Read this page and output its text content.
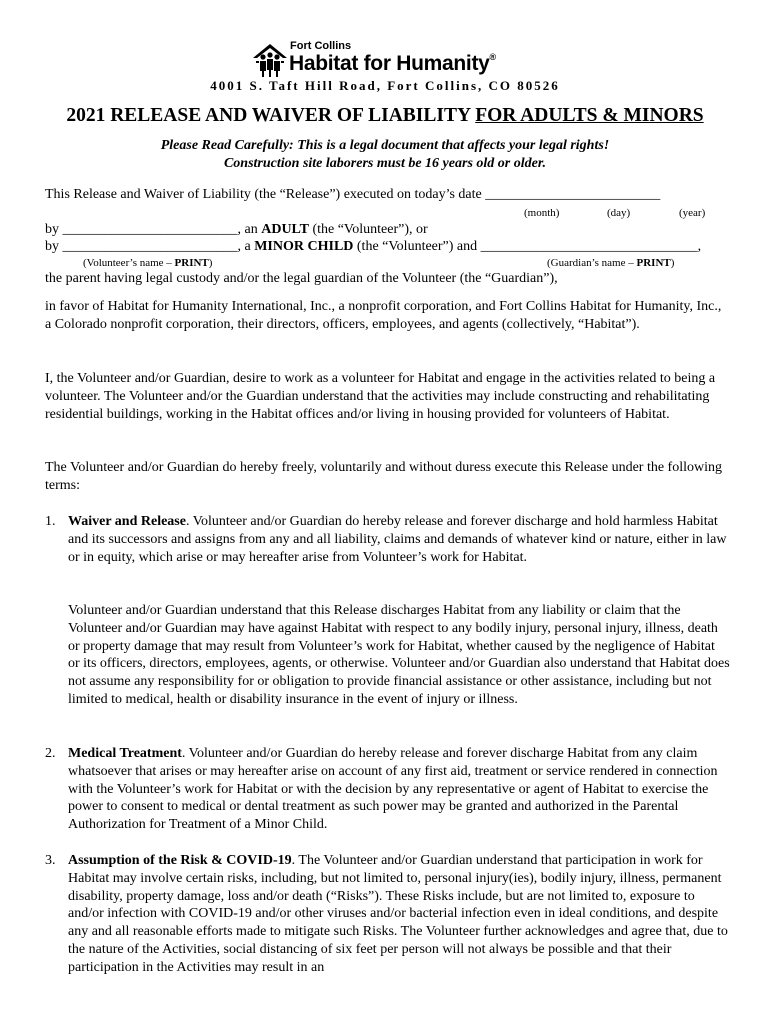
Fort Collins
Habitat for Humanity®
4001 S. Taft Hill Road, Fort Collins, CO 80526
2021 RELEASE AND WAIVER OF LIABILITY FOR ADULTS & MINORS
Please Read Carefully: This is a legal document that affects your legal rights!
Construction site laborers must be 16 years old or older.
This Release and Waiver of Liability (the “Release”) executed on today’s date _________________________
(month)	(day)	(year)
by _________________________, an ADULT (the “Volunteer”), or
by _________________________, a MINOR CHILD (the “Volunteer”) and _______________________________,
(Volunteer’s name – PRINT)	(Guardian’s name – PRINT)
the parent having legal custody and/or the legal guardian of the Volunteer (the “Guardian”),
in favor of Habitat for Humanity International, Inc., a nonprofit corporation, and Fort Collins Habitat for Humanity, Inc., a Colorado nonprofit corporation, their directors, officers, employees, and agents (collectively, “Habitat”).
I, the Volunteer and/or Guardian, desire to work as a volunteer for Habitat and engage in the activities related to being a volunteer. The Volunteer and/or the Guardian understand that the activities may include constructing and rehabilitating residential buildings, working in the Habitat offices and/or living in housing provided for volunteers of Habitat.
The Volunteer and/or Guardian do hereby freely, voluntarily and without duress execute this Release under the following terms:
1. Waiver and Release. Volunteer and/or Guardian do hereby release and forever discharge and hold harmless Habitat and its successors and assigns from any and all liability, claims and demands of whatever kind or nature, either in law or in equity, which arise or may hereafter arise from Volunteer’s work for Habitat.
Volunteer and/or Guardian understand that this Release discharges Habitat from any liability or claim that the Volunteer and/or Guardian may have against Habitat with respect to any bodily injury, personal injury, illness, death or property damage that may result from Volunteer’s work for Habitat, whether caused by the negligence of Habitat or its officers, directors, employees, agents, or otherwise. Volunteer and/or Guardian also understand that Habitat does not assume any responsibility for or obligation to provide financial assistance or other assistance, including but not limited to medical, health or disability insurance in the event of injury or illness.
2. Medical Treatment. Volunteer and/or Guardian do hereby release and forever discharge Habitat from any claim whatsoever that arises or may hereafter arise on account of any first aid, treatment or service rendered in connection with the Volunteer’s work for Habitat or with the decision by any representative or agent of Habitat to exercise the power to consent to medical or dental treatment as such power may be granted and authorized in the Parental Authorization for Treatment of a Minor Child.
3. Assumption of the Risk & COVID-19. The Volunteer and/or Guardian understand that participation in work for Habitat may involve certain risks, including, but not limited to, personal injury(ies), bodily injury, illness, permanent disability, property damage, loss and/or death (“Risks”). These Risks include, but are not limited to, exposure to and/or infection with COVID-19 and/or other viruses and/or bacterial infection even in ideal conditions, and despite any and all reasonable efforts made to mitigate such Risks. The Volunteer further acknowledges and agree that, due to the nature of the Activities, social distancing of six feet per person will not always be possible and that their participation in the Activities may result in an
